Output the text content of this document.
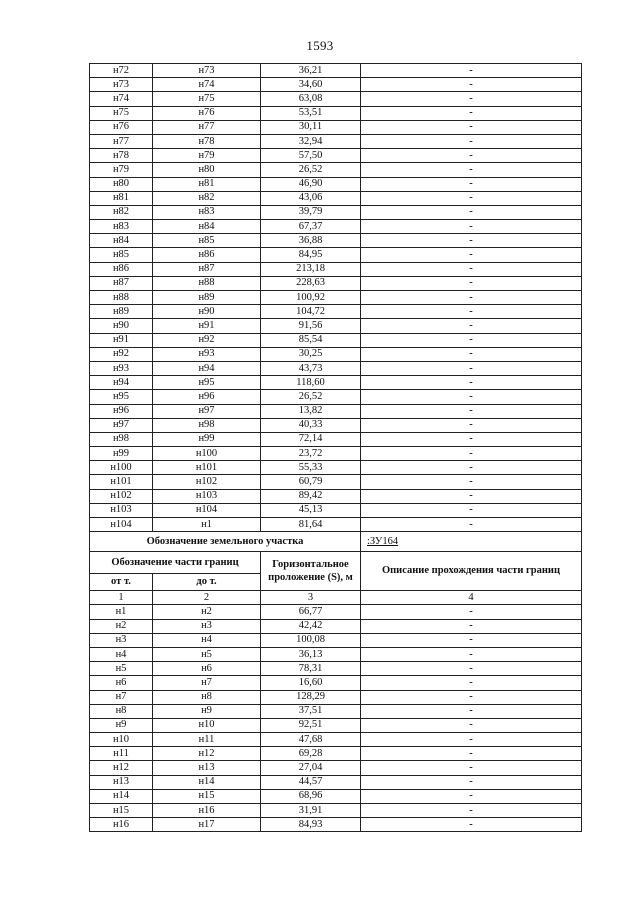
1593
н72	н73	36,21	-
н73	н74	34,60	-
н74	н75	63,08	-
н75	н76	53,51	-
н76	н77	30,11	-
н77	н78	32,94	-
н78	н79	57,50	-
н79	н80	26,52	-
н80	н81	46,90	-
н81	н82	43,06	-
н82	н83	39,79	-
н83	н84	67,37	-
н84	н85	36,88	-
н85	н86	84,95	-
н86	н87	213,18	-
н87	н88	228,63	-
н88	н89	100,92	-
н89	н90	104,72	-
н90	н91	91,56	-
н91	н92	85,54	-
н92	н93	30,25	-
н93	н94	43,73	-
н94	н95	118,60	-
н95	н96	26,52	-
н96	н97	13,82	-
н97	н98	40,33	-
н98	н99	72,14	-
н99	н100	23,72	-
н100	н101	55,33	-
н101	н102	60,79	-
н102	н103	89,42	-
н103	н104	45,13	-
н104	н1	81,64	-
Обозначение земельного участка			:ЗУ164
Обозначение части границ		Горизонтальное проложение (S), м	Описание прохождения части границ
от т.	до т.		
1	2	3	4
н1	н2	66,77	-
н2	н3	42,42	-
н3	н4	100,08	-
н4	н5	36,13	-
н5	н6	78,31	-
н6	н7	16,60	-
н7	н8	128,29	-
н8	н9	37,51	-
н9	н10	92,51	-
н10	н11	47,68	-
н11	н12	69,28	-
н12	н13	27,04	-
н13	н14	44,57	-
н14	н15	68,96	-
н15	н16	31,91	-
н16	н17	84,93	-
